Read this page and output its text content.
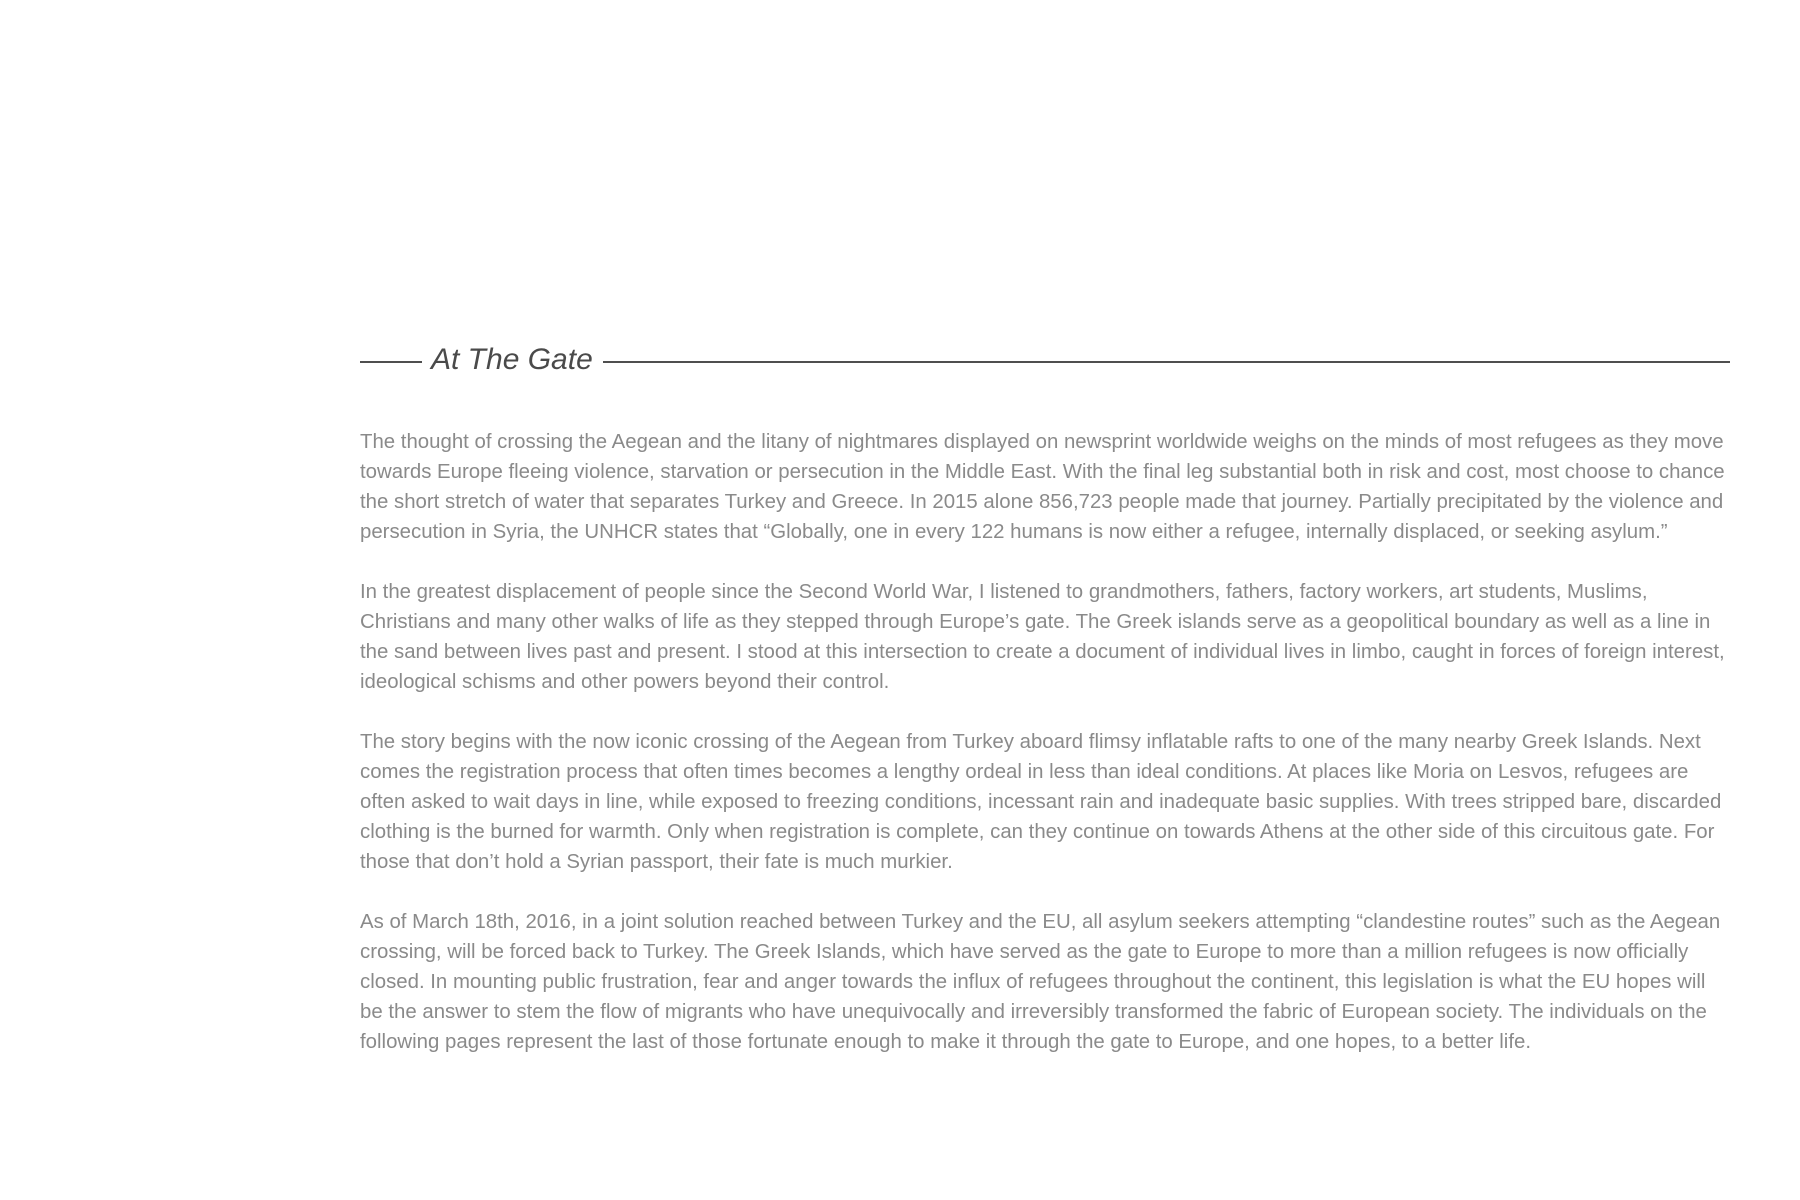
At The Gate

The thought of crossing the Aegean and the litany of nightmares displayed on newsprint worldwide weighs on the minds of most refugees as they move towards Europe fleeing violence, starvation or persecution in the Middle East. With the final leg substantial both in risk and cost, most choose to chance the short stretch of water that separates Turkey and Greece. In 2015 alone 856,723 people made that journey. Partially precipitated by the violence and persecution in Syria, the UNHCR states that “Globally, one in every 122 humans is now either a refugee, internally displaced, or seeking asylum.”

In the greatest displacement of people since the Second World War, I listened to grandmothers, fathers, factory workers, art students, Muslims, Christians and many other walks of life as they stepped through Europe’s gate. The Greek islands serve as a geopolitical boundary as well as a line in the sand between lives past and present. I stood at this intersection to create a document of individual lives in limbo, caught in forces of foreign interest, ideological schisms and other powers beyond their control.

The story begins with the now iconic crossing of the Aegean from Turkey aboard flimsy inflatable rafts to one of the many nearby Greek Islands. Next comes the registration process that often times becomes a lengthy ordeal in less than ideal conditions. At places like Moria on Lesvos, refugees are often asked to wait days in line, while exposed to freezing conditions, incessant rain and inadequate basic supplies. With trees stripped bare, discarded clothing is the burned for warmth. Only when registration is complete, can they continue on towards Athens at the other side of this circuitous gate. For those that don’t hold a Syrian passport, their fate is much murkier.

As of March 18th, 2016, in a joint solution reached between Turkey and the EU, all asylum seekers attempting “clandestine routes” such as the Aegean crossing, will be forced back to Turkey. The Greek Islands, which have served as the gate to Europe to more than a million refugees is now officially closed. In mounting public frustration, fear and anger towards the influx of refugees throughout the continent, this legislation is what the EU hopes will be the answer to stem the flow of migrants who have unequivocally and irreversibly transformed the fabric of European society. The individuals on the following pages represent the last of those fortunate enough to make it through the gate to Europe, and one hopes, to a better life.
